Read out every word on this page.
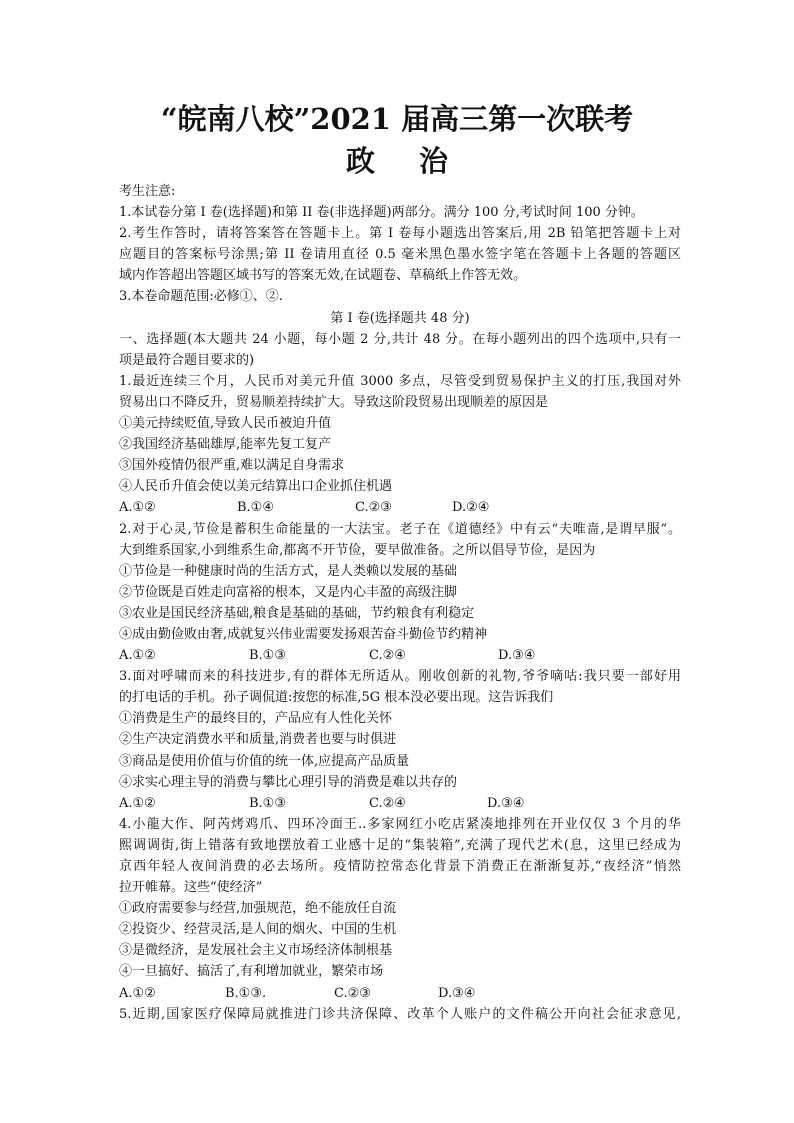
“皖南八校”2021 届高三第一次联考
政 治
考生注意:
1.本试卷分第 I 卷(选择题)和第 II 卷(非选择题)两部分。满分 100 分,考试时间 100 分钟。
2.考生作答时，请将答案答在答题卡上。第 I 卷每小题选出答案后,用 2B 铅笔把答题卡上对
应题目的答案标号涂黑;第 II 卷请用直径 0.5 毫米黑色墨水签字笔在答题卡上各题的答题区
域内作答超出答题区域书写的答案无效,在试题卷、草稿纸上作答无效。
3.本卷命题范围:必修①、②.
第 I 卷(选择题共 48 分)
一、选择题(本大题共 24 小题，每小题 2 分,共计 48 分。在每小题列出的四个选项中,只有一
项是最符合题目要求的)
1.最近连续三个月，人民币对美元升值 3000 多点，尽管受到贸易保护主义的打压,我国对外
贸易出口不降反升，贸易顺差持续扩大。导致这阶段贸易出现顺差的原因是
①美元持续贬值,导致人民币被迫升值
②我国经济基础雄厚,能率先复工复产
③国外疫情仍很严重,难以满足自身需求
④人民币升值会使以美元结算出口企业抓住机遇
A.①②	B.①④	C.②③	D.②④
2.对于心灵,节俭是蓄积生命能量的一大法宝。老子在《道德经》中有云“夫唯啬,是谓早服”。
大到维系国家,小到维系生命,都离不开节俭，要早做准备。之所以倡导节俭，是因为
①节俭是一种健康时尚的生活方式，是人类赖以发展的基础
②节俭既是百姓走向富裕的根本，又是内心丰盈的高级注脚
③农业是国民经济基础,粮食是基础的基础，节约粮食有利稳定
④成由勤俭败由奢,成就复兴伟业需要发扬艰苦奋斗勤俭节约精神
A.①②	B.①③	C.②④	D.③④
3.面对呼啸而来的科技进步,有的群体无所适从。刚收创新的礼物,爷爷嘀咕:我只要一部好用
的打电话的手机。孙子调侃道:按您的标准,5G 根本没必要出现。这告诉我们
①消费是生产的最终目的，产品应有人性化关怀
②生产决定消费水平和质量,消费者也要与时俱进
③商品是使用价值与价值的统一体,应提高产品质量
④求实心理主导的消费与攀比心理引导的消费是难以共存的
A.①②	B.①③	C.②④	D.③④
4.小龍大作、阿芮烤鸡爪、四环冷面王..多家网红小吃店紧凑地排列在开业仅仅 3 个月的华
熙调调街,街上错落有致地摆放着工业感十足的“集装箱”,充满了现代艺术(息，这里已经成为
京西年轻人夜间消费的必去场所。疫情防控常态化背景下消费正在渐渐复苏,“夜经济”悄然
拉开帷幕。这些“使经济”
①政府需要参与经营,加强规范，绝不能放任自流
②投资少、经营灵活,是人间的烟火、中国的生机
③是微经济，是发展社会主义市场经济体制根基
④一旦搞好、搞活了,有利增加就业，繁荣市场
A.①②	B.①③.	C.②③	D.③④
5.近期,国家医疗保障局就推进门诊共济保障、改革个人账户的文件稿公开向社会征求意见,
